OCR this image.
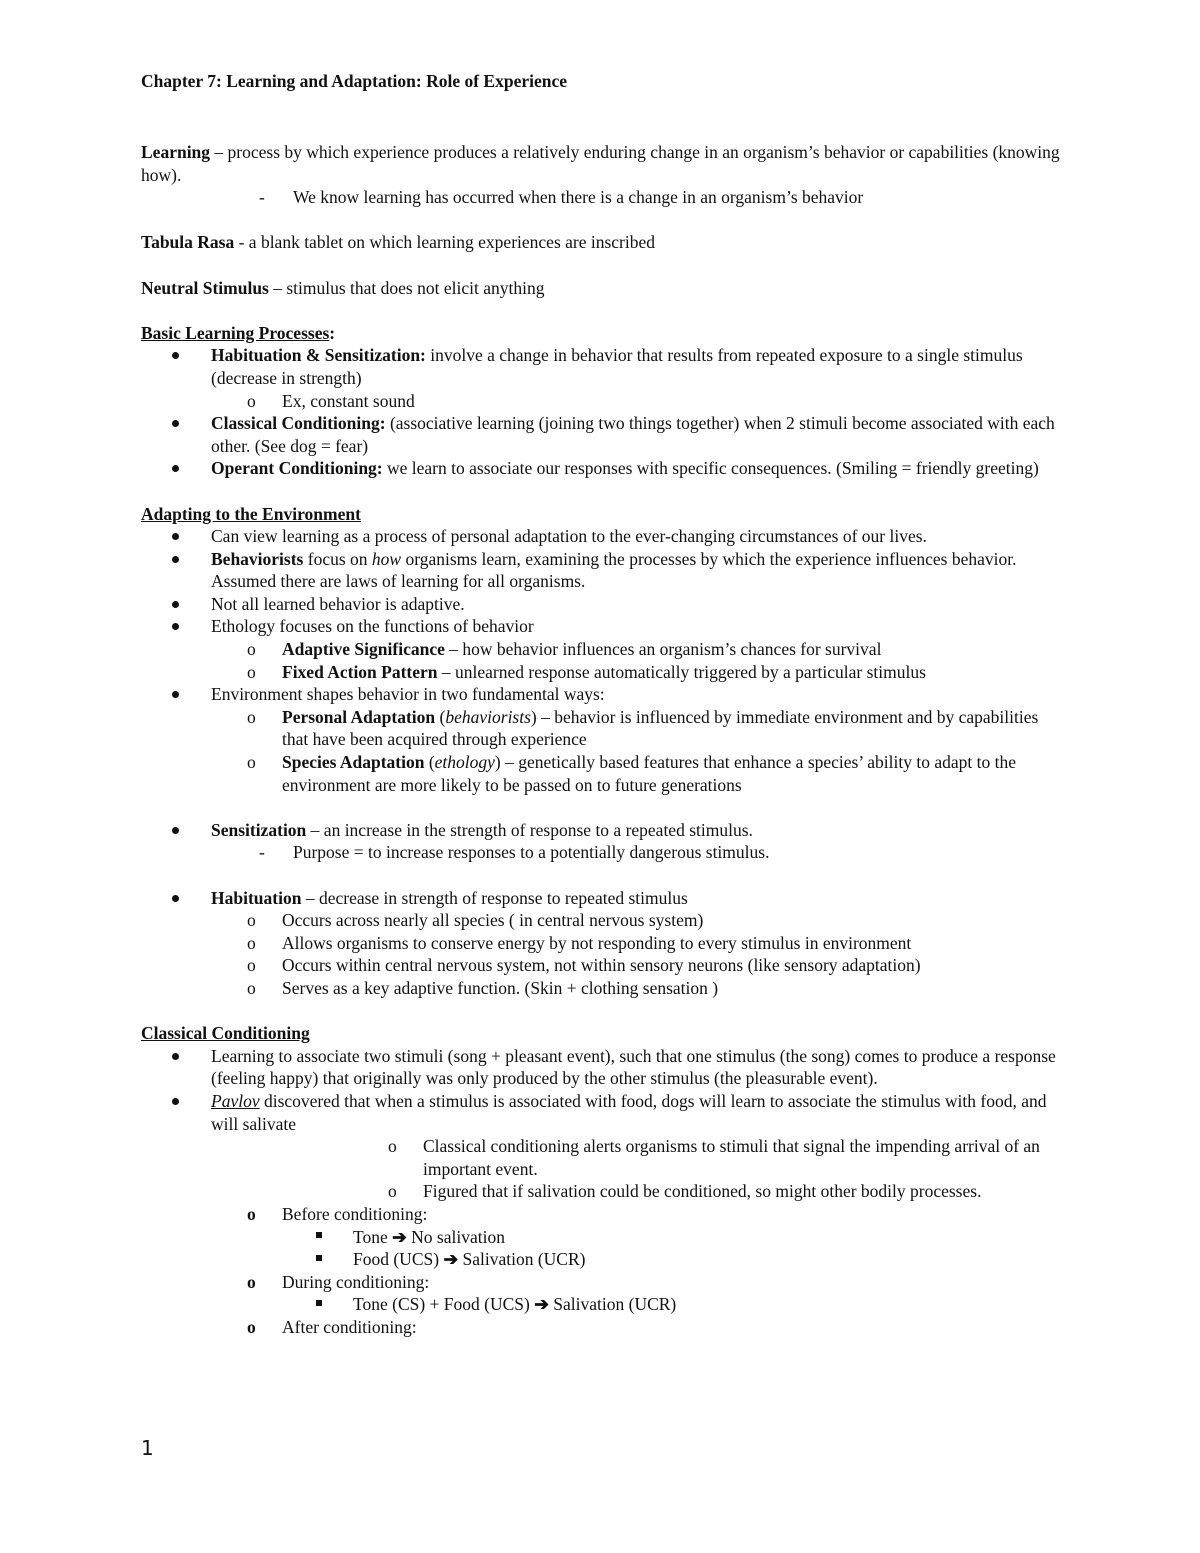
Chapter 7: Learning and Adaptation: Role of Experience

Learning – process by which experience produces a relatively enduring change in an organism’s behavior or capabilities (knowing how).

- We know learning has occurred when there is a change in an organism’s behavior

Tabula Rasa - a blank tablet on which learning experiences are inscribed

Neutral Stimulus – stimulus that does not elicit anything

Basic Learning Processes:

Habituation & Sensitization: involve a change in behavior that results from repeated exposure to a single stimulus (decrease in strength)
o Ex, constant sound
Classical Conditioning: (associative learning (joining two things together) when 2 stimuli become associated with each other. (See dog = fear)
Operant Conditioning: we learn to associate our responses with specific consequences. (Smiling = friendly greeting)

Adapting to the Environment

Can view learning as a process of personal adaptation to the ever-changing circumstances of our lives.
Behaviorists focus on how organisms learn, examining the processes by which the experience influences behavior. Assumed there are laws of learning for all organisms.
Not all learned behavior is adaptive.
Ethology focuses on the functions of behavior
o Adaptive Significance – how behavior influences an organism’s chances for survival
o Fixed Action Pattern – unlearned response automatically triggered by a particular stimulus
Environment shapes behavior in two fundamental ways:
o Personal Adaptation (behaviorists) – behavior is influenced by immediate environment and by capabilities that have been acquired through experience
o Species Adaptation (ethology) – genetically based features that enhance a species’ ability to adapt to the environment are more likely to be passed on to future generations
Sensitization – an increase in the strength of response to a repeated stimulus.
- Purpose = to increase responses to a potentially dangerous stimulus.
Habituation – decrease in strength of response to repeated stimulus
o Occurs across nearly all species ( in central nervous system)
o Allows organisms to conserve energy by not responding to every stimulus in environment
o Occurs within central nervous system, not within sensory neurons (like sensory adaptation)
o Serves as a key adaptive function. (Skin + clothing sensation )

Classical Conditioning

Learning to associate two stimuli (song + pleasant event), such that one stimulus (the song) comes to produce a response (feeling happy) that originally was only produced by the other stimulus (the pleasurable event).
Pavlov discovered that when a stimulus is associated with food, dogs will learn to associate the stimulus with food, and will salivate
o Classical conditioning alerts organisms to stimuli that signal the impending arrival of an important event.
o Figured that if salivation could be conditioned, so might other bodily processes.
o Before conditioning:
Tone ➔ No salivation
Food (UCS) ➔ Salivation (UCR)
o During conditioning:
Tone (CS) + Food (UCS) ➔ Salivation (UCR)
o After conditioning:
1
